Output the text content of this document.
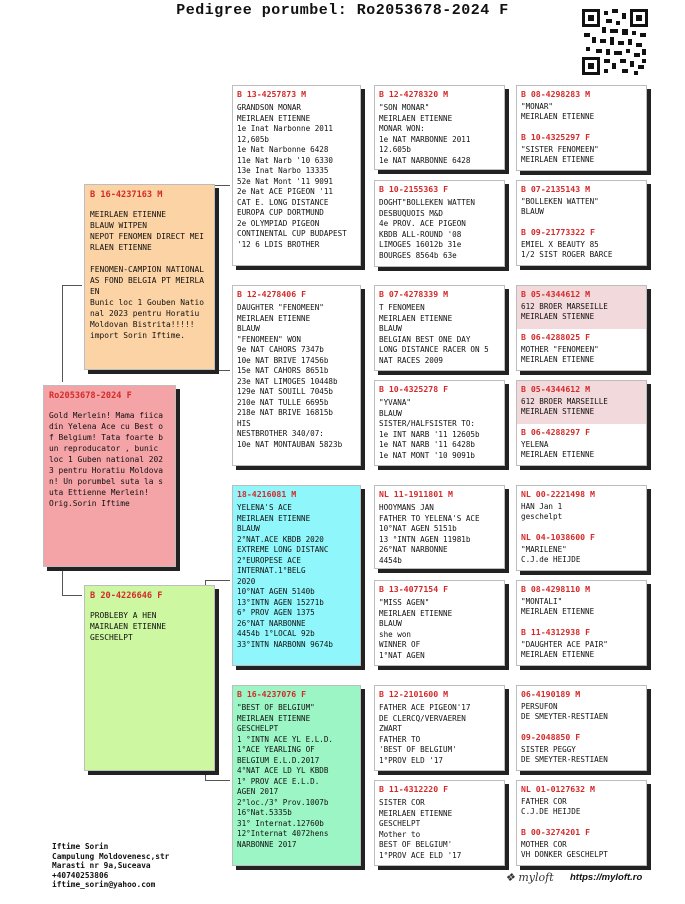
Pedigree porumbel: Ro2053678-2024 F
Ro2053678-2024 F
Gold Merlein! Mama fiica
din Yelena Ace cu Best o
f Belgium! Tata foarte b
un reproducator , bunic
loc 1 Guben national 202
3 pentru Horatiu Moldova
n! Un porumbel suta la s
uta Ettienne Merlein!
Orig.Sorin Iftime
B 16-4237163 M
MEIRLAEN ETIENNE
BLAUW WITPEN
NEPOT FENOMEN DIRECT MEI
RLAEN ETIENNE

FENOMEN-CAMPION NATIONAL
AS FOND BELGIA PT MEIRLA
EN
Bunic loc 1 Gouben Natio
nal 2023 pentru Horatiu
Moldovan Bistrita!!!!!
import Sorin Iftime.
B 20-4226646 F
PROBLEBY A HEN
MAIRLAEN ETIENNE
GESCHELPT
B 13-4257873 M
GRANDSON MONAR
MEIRLAEN ETIENNE
1e Inat Narbonne 2011
12,605b
1e Nat Narbonne 6428
11e Nat Narb '10 6330
13e Inat Narbo 13335
52e Nat Mont '11 9091
2e Nat ACE PIGEON '11
CAT E. LONG DISTANCE
EUROPA CUP DORTMUND
2e OLYMPIAD PIGEON
CONTINENTAL CUP BUDAPEST
'12 6 LDIS BROTHER
B 12-4278406 F
DAUGHTER "FENOMEEN"
MEIRLAEN ETIENNE
BLAUW
"FENOMEEN" WON
9e NAT CAHORS 7347b
10e NAT BRIVE 17456b
15e NAT CAHORS 8651b
23e NAT LIMOGES 10448b
129e NAT SOUILL 7045b
210e NAT TULLE 6695b
218e NAT BRIVE 16815b
HIS
NESTBROTHER 340/07:
10e NAT MONTAUBAN 5823b
18-4216081 M
YELENA'S ACE
MEIRLAEN ETIENNE
BLAUW
2°NAT.ACE KBDB 2020
EXTREME LONG DISTANC
2°EUROPESE ACE
INTERNAT.1°BELG
2020
10°NAT AGEN 5140b
13°INTN AGEN 15271b
6° PROV AGEN 1375
26°NAT NARBONNE
4454b 1°LOCAL 92b
33°INTN NARBONN 9674b
B 16-4237076 F
"BEST OF BELGIUM"
MEIRLAEN ETIENNE
GESCHELPT
1 °INTN ACE YL E.L.D.
1°ACE YEARLING OF
BELGIUM E.L.D.2017
4°NAT ACE LD YL KBDB
1° PROV ACE E.L.D.
AGEN 2017
2°loc./3° Prov.1007b
16°Nat.5335b
31° Internat.12760b
12°Internat 4072hens
NARBONNE 2017
B 12-4278320 M
"SON MONAR"
MEIRLAEN ETIENNE
MONAR WON:
1e NAT MARBONNE 2011
12.605b
1e NAT NARBONNE 6428
B 10-2155363 F
DOGHT"BOLLEKEN WATTEN
DESBUQUOIS M&D
4e PROV. ACE PIGEON
KBDB ALL-ROUND '08
LIMOGES 16012b 31e
BOURGES 8564b 63e
B 07-4278339 M
T FENOMEEN
MEIRLAEN ETIENNE
BLAUW
BELGIAN BEST ONE DAY
LONG DISTANCE RACER ON 5
NAT RACES 2009
B 10-4325278 F
"YVANA"
BLAUW
SISTER/HALFSISTER TO:
1e INT NARB '11 12605b
1e NAT NARB '11 6428b
1e NAT MONT '10 9091b
NL 11-1911801 M
HOOYMANS JAN
FATHER TO YELENA'S ACE
10°NAT AGEN 5151b
13 °INTN AGEN 11981b
26°NAT NARBONNE
4454b
B 13-4077154 F
"MISS AGEN"
MEIRLAEN ETIENNE
BLAUW
she won
WINNER OF
1°NAT AGEN
B 12-2101600 M
FATHER ACE PIGEON'17
DE CLERCQ/VERVAEREN
ZWART
FATHER TO
'BEST OF BELGIUM'
1°PROV ELD '17
B 11-4312220 F
SISTER COR
MEIRLAEN ETIENNE
GESCHELPT
Mother to
BEST OF BELGIUM'
1°PROV ACE ELD '17
B 08-4298283 M
"MONAR"
MEIRLAEN ETIENNE
B 10-4325297 F
"SISTER FENOMEEN"
MEIRLAEN ETIENNE
B 07-2135143 M
"BOLLEKEN WATTEN"
BLAUW
B 09-21773322 F
EMIEL X BEAUTY 85
1/2 SIST ROGER BARCE
B 05-4344612 M
612 BROER MARSEILLE
MEIRLAEN STIENNE
B 06-4288025 F
MOTHER "FENOMEEN"
MEIRLAEN ETIENNE
B 05-4344612 M
612 BROER MARSEILLE
MEIRLAEN STIENNE
B 06-4288297 F
YELENA
MEIRLAEN ETIENNE
NL 00-2221498 M
HAN Jan 1
geschelpt
NL 04-1038600 F
"MARILENE"
C.J.de HEIJDE
B 08-4298110 M
"MONTALI"
MEIRLAEN ETIENNE
B 11-4312938 F
"DAUGHTER ACE PAIR"
MEIRLAEN ETIENNE
06-4190189 M
PERSUFON
DE SMEYTER-RESTIAEN
09-2048850 F
SISTER PEGGY
DE SMEYTER-RESTIAEN
NL 01-0127632 M
FATHER COR
C.J.DE HEIJDE
B 00-3274201 F
MOTHER COR
VH DONKER GESCHELPT
Iftime Sorin
Campulung Moldovenesc,str
Marasti nr 9a,Suceava
+40740253806
iftime_sorin@yahoo.com
❖ myloft https://myloft.ro
